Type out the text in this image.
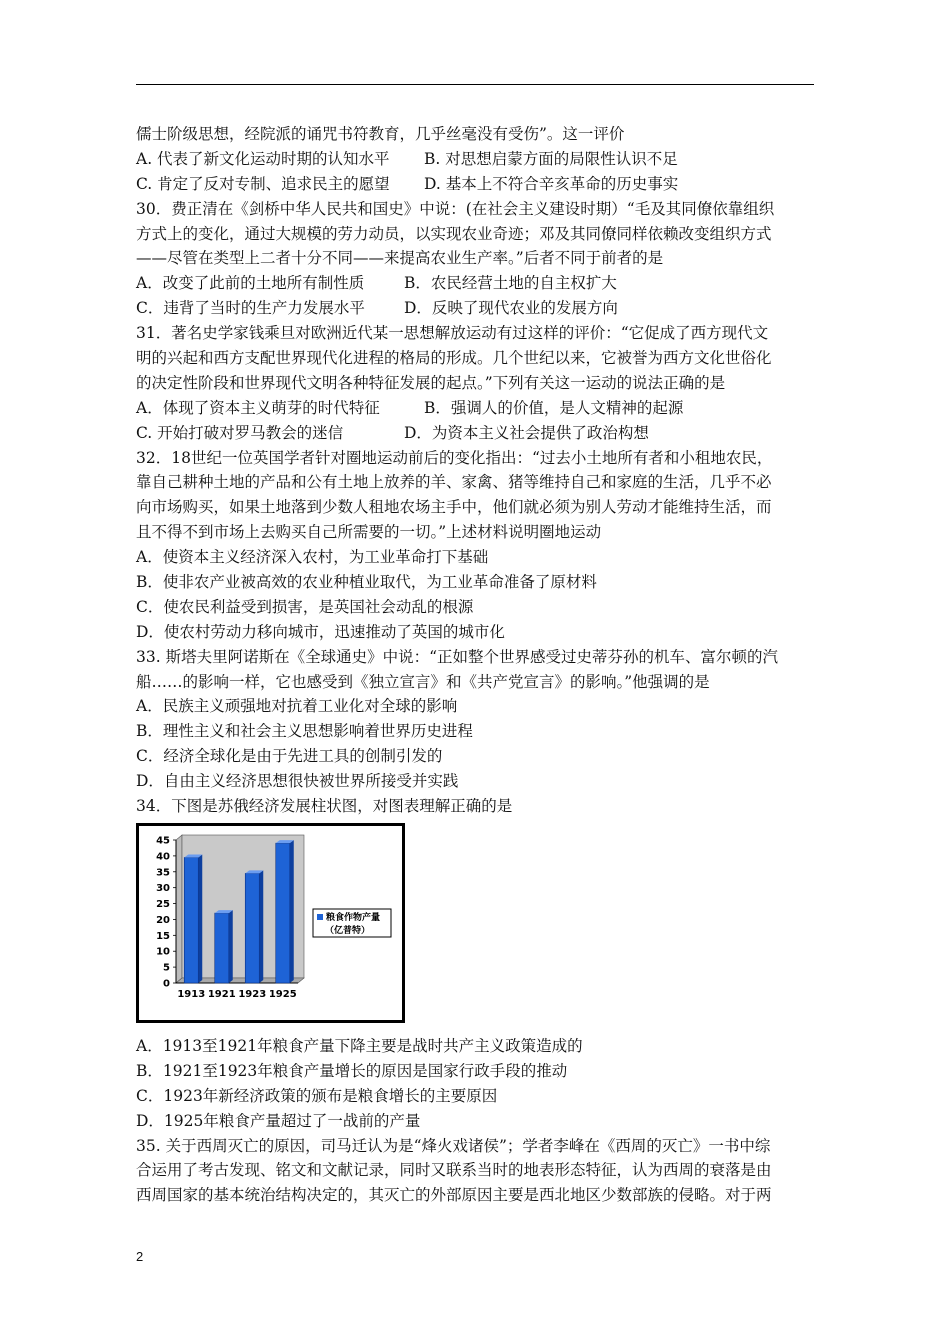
儒士阶级思想，经院派的诵咒书符教育，几乎丝毫没有受伤”。这一评价
A. 代表了新文化运动时期的认知水平 B. 对思想启蒙方面的局限性认识不足
C. 肯定了反对专制、追求民主的愿望 D. 基本上不符合辛亥革命的历史事实
30．费正清在《剑桥中华人民共和国史》中说：(在社会主义建设时期）“毛及其同僚依靠组织
方式上的变化，通过大规模的劳力动员，以实现农业奇迹；邓及其同僚同样依赖改变组织方式
——尽管在类型上二者十分不同——来提高农业生产率。”后者不同于前者的是
A．改变了此前的土地所有制性质	B．农民经营土地的自主权扩大
C．违背了当时的生产力发展水平	D．反映了现代农业的发展方向
31．著名史学家钱乘旦对欧洲近代某一思想解放运动有过这样的评价：“它促成了西方现代文
明的兴起和西方支配世界现代化进程的格局的形成。几个世纪以来，它被誉为西方文化世俗化
的决定性阶段和世界现代文明各种特征发展的起点。”下列有关这一运动的说法正确的是
A．体现了资本主义萌芽的时代特征	B．强调人的价值，是人文精神的起源
C. 开始打破对罗马教会的迷信	D．为资本主义社会提供了政治构想
32．18世纪一位英国学者针对圈地运动前后的变化指出：“过去小土地所有者和小租地农民，
靠自己耕种土地的产品和公有土地上放养的羊、家禽、猪等维持自己和家庭的生活，几乎不必
向市场购买，如果土地落到少数人租地农场主手中，他们就必须为别人劳动才能维持生活，而
且不得不到市场上去购买自己所需要的一切。”上述材料说明圈地运动
A．使资本主义经济深入农村，为工业革命打下基础
B．使非农产业被高效的农业种植业取代，为工业革命准备了原材料
C．使农民利益受到损害，是英国社会动乱的根源
D．使农村劳动力移向城市，迅速推动了英国的城市化
33. 斯塔夫里阿诺斯在《全球通史》中说：“正如整个世界感受过史蒂芬孙的机车、富尔顿的汽
船……的影响一样，它也感受到《独立宣言》和《共产党宣言》的影响。”他强调的是
A．民族主义顽强地对抗着工业化对全球的影响
B．理性主义和社会主义思想影响着世界历史进程
C．经济全球化是由于先进工具的创制引发的
D．自由主义经济思想很快被世界所接受并实践
34．下图是苏俄经济发展柱状图，对图表理解正确的是
0
5
10
15
20
25
30
35
40
45
1913 1921 1923 1925
粮食作物产量
（亿普特）
A．1913至1921年粮食产量下降主要是战时共产主义政策造成的
B．1921至1923年粮食产量增长的原因是国家行政手段的推动
C．1923年新经济政策的颁布是粮食增长的主要原因
D．1925年粮食产量超过了一战前的产量
35. 关于西周灭亡的原因，司马迁认为是“烽火戏诸侯”；学者李峰在《西周的灭亡》一书中综
合运用了考古发现、铭文和文献记录，同时又联系当时的地表形态特征，认为西周的衰落是由
西周国家的基本统治结构决定的，其灭亡的外部原因主要是西北地区少数部族的侵略。对于两
2
